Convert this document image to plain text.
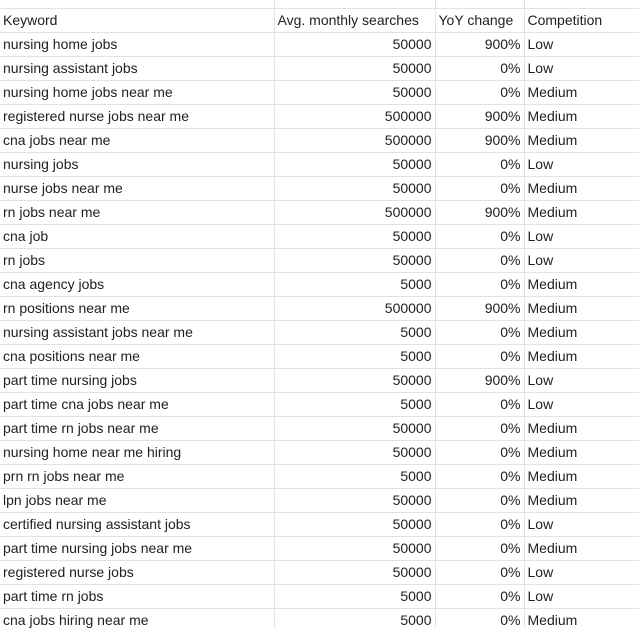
Keyword	Avg. monthly searches	YoY change	Competition
nursing home jobs	50000	900%	Low
nursing assistant jobs	50000	0%	Low
nursing home jobs near me	50000	0%	Medium
registered nurse jobs near me	500000	900%	Medium
cna jobs near me	500000	900%	Medium
nursing jobs	50000	0%	Low
nurse jobs near me	50000	0%	Medium
rn jobs near me	500000	900%	Medium
cna job	50000	0%	Low
rn jobs	50000	0%	Low
cna agency jobs	5000	0%	Medium
rn positions near me	500000	900%	Medium
nursing assistant jobs near me	5000	0%	Medium
cna positions near me	5000	0%	Medium
part time nursing jobs	50000	900%	Low
part time cna jobs near me	5000	0%	Low
part time rn jobs near me	50000	0%	Medium
nursing home near me hiring	50000	0%	Medium
prn rn jobs near me	5000	0%	Medium
lpn jobs near me	50000	0%	Medium
certified nursing assistant jobs	50000	0%	Low
part time nursing jobs near me	50000	0%	Medium
registered nurse jobs	50000	0%	Low
part time rn jobs	5000	0%	Low
cna jobs hiring near me	5000	0%	Medium
